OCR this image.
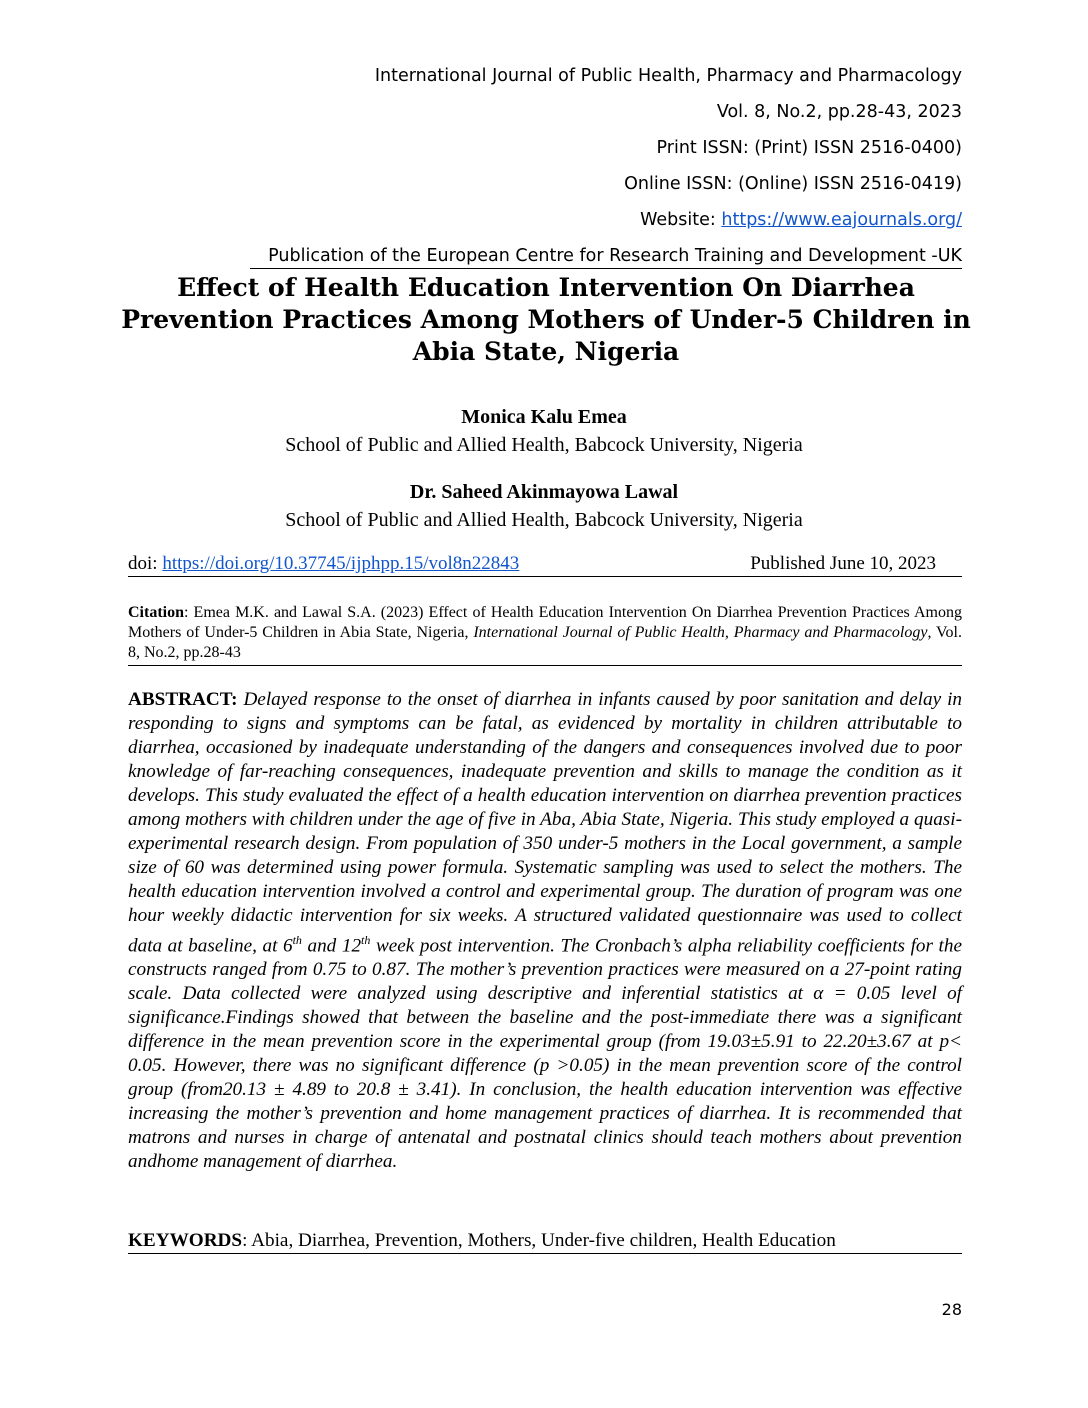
International Journal of Public Health, Pharmacy and Pharmacology
Vol. 8, No.2, pp.28-43, 2023
Print ISSN: (Print) ISSN 2516-0400)
Online ISSN: (Online) ISSN 2516-0419)
Website: https://www.eajournals.org/
Publication of the European Centre for Research Training and Development -UK
Effect of Health Education Intervention On Diarrhea Prevention Practices Among Mothers of Under-5 Children in Abia State, Nigeria
Monica Kalu Emea
School of Public and Allied Health, Babcock University, Nigeria
Dr. Saheed Akinmayowa Lawal
School of Public and Allied Health, Babcock University, Nigeria
doi: https://doi.org/10.37745/ijphpp.15/vol8n22843	Published June 10, 2023
Citation: Emea M.K. and Lawal S.A. (2023) Effect of Health Education Intervention On Diarrhea Prevention Practices Among Mothers of Under-5 Children in Abia State, Nigeria, International Journal of Public Health, Pharmacy and Pharmacology, Vol. 8, No.2, pp.28-43
ABSTRACT: Delayed response to the onset of diarrhea in infants caused by poor sanitation and delay in responding to signs and symptoms can be fatal, as evidenced by mortality in children attributable to diarrhea, occasioned by inadequate understanding of the dangers and consequences involved due to poor knowledge of far-reaching consequences, inadequate prevention and skills to manage the condition as it develops. This study evaluated the effect of a health education intervention on diarrhea prevention practices among mothers with children under the age of five in Aba, Abia State, Nigeria. This study employed a quasi-experimental research design. From population of 350 under-5 mothers in the Local government, a sample size of 60 was determined using power formula. Systematic sampling was used to select the mothers. The health education intervention involved a control and experimental group. The duration of program was one hour weekly didactic intervention for six weeks. A structured validated questionnaire was used to collect data at baseline, at 6th and 12th week post intervention. The Cronbach’s alpha reliability coefficients for the constructs ranged from 0.75 to 0.87. The mother’s prevention practices were measured on a 27-point rating scale. Data collected were analyzed using descriptive and inferential statistics at α = 0.05 level of significance.Findings showed that between the baseline and the post-immediate there was a significant difference in the mean prevention score in the experimental group (from 19.03±5.91 to 22.20±3.67 at p< 0.05. However, there was no significant difference (p >0.05) in the mean prevention score of the control group (from20.13 ± 4.89 to 20.8 ± 3.41). In conclusion, the health education intervention was effective increasing the mother’s prevention and home management practices of diarrhea. It is recommended that matrons and nurses in charge of antenatal and postnatal clinics should teach mothers about prevention andhome management of diarrhea.
KEYWORDS: Abia, Diarrhea, Prevention, Mothers, Under-five children, Health Education
28
